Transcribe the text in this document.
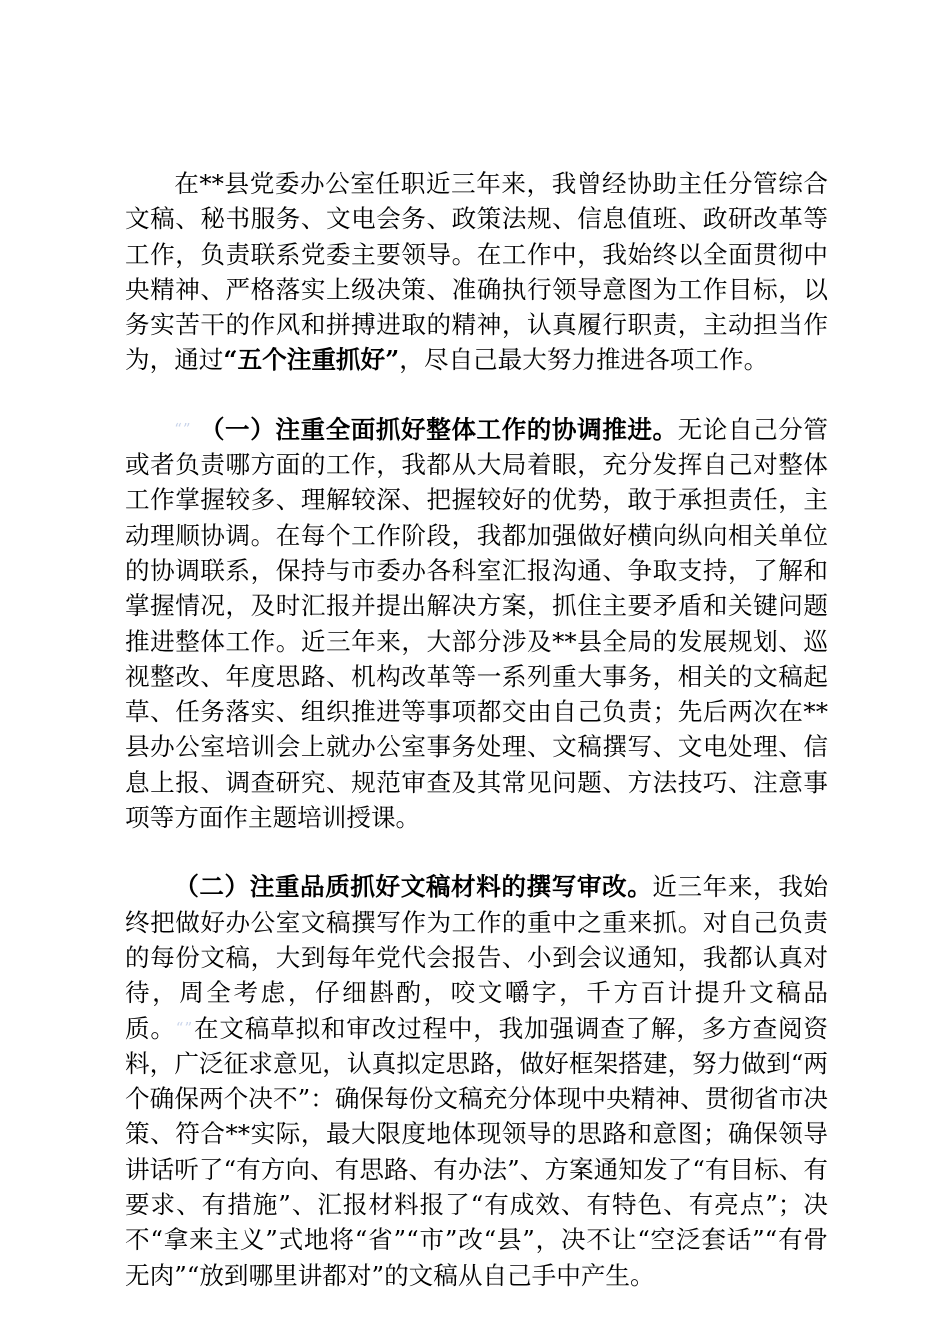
在**县党委办公室任职近三年来，我曾经协助主任分管综合文稿、秘书服务、文电会务、政策法规、信息值班、政研改革等工作，负责联系党委主要领导。在工作中，我始终以全面贯彻中央精神、严格落实上级决策、准确执行领导意图为工作目标，以务实苦干的作风和拼搏进取的精神，认真履行职责，主动担当作为，通过“五个注重抓好”，尽自己最大努力推进各项工作。

“” （一）注重全面抓好整体工作的协调推进。无论自己分管或者负责哪方面的工作，我都从大局着眼，充分发挥自己对整体工作掌握较多、理解较深、把握较好的优势，敢于承担责任，主动理顺协调。在每个工作阶段，我都加强做好横向纵向相关单位的协调联系，保持与市委办各科室汇报沟通、争取支持，了解和掌握情况，及时汇报并提出解决方案，抓住主要矛盾和关键问题推进整体工作。近三年来，大部分涉及**县全局的发展规划、巡视整改、年度思路、机构改革等一系列重大事务，相关的文稿起草、任务落实、组织推进等事项都交由自己负责；先后两次在**县办公室培训会上就办公室事务处理、文稿撰写、文电处理、信息上报、调查研究、规范审查及其常见问题、方法技巧、注意事项等方面作主题培训授课。

（二）注重品质抓好文稿材料的撰写审改。近三年来，我始终把做好办公室文稿撰写作为工作的重中之重来抓。对自己负责的每份文稿，大到每年党代会报告、小到会议通知，我都认真对待，周全考虑，仔细斟酌，咬文嚼字，千方百计提升文稿品质。“”在文稿草拟和审改过程中，我加强调查了解，多方查阅资料，广泛征求意见，认真拟定思路，做好框架搭建，努力做到“两个确保两个决不”：确保每份文稿充分体现中央精神、贯彻省市决策、符合**实际，最大限度地体现领导的思路和意图；确保领导讲话听了“有方向、有思路、有办法”、方案通知发了“有目标、有要求、有措施”、汇报材料报了“有成效、有特色、有亮点”；决不“拿来主义”式地将“省”“市”改“县”，决不让“空泛套话”“有骨无肉”“放到哪里讲都对”的文稿从自己手中产生。
